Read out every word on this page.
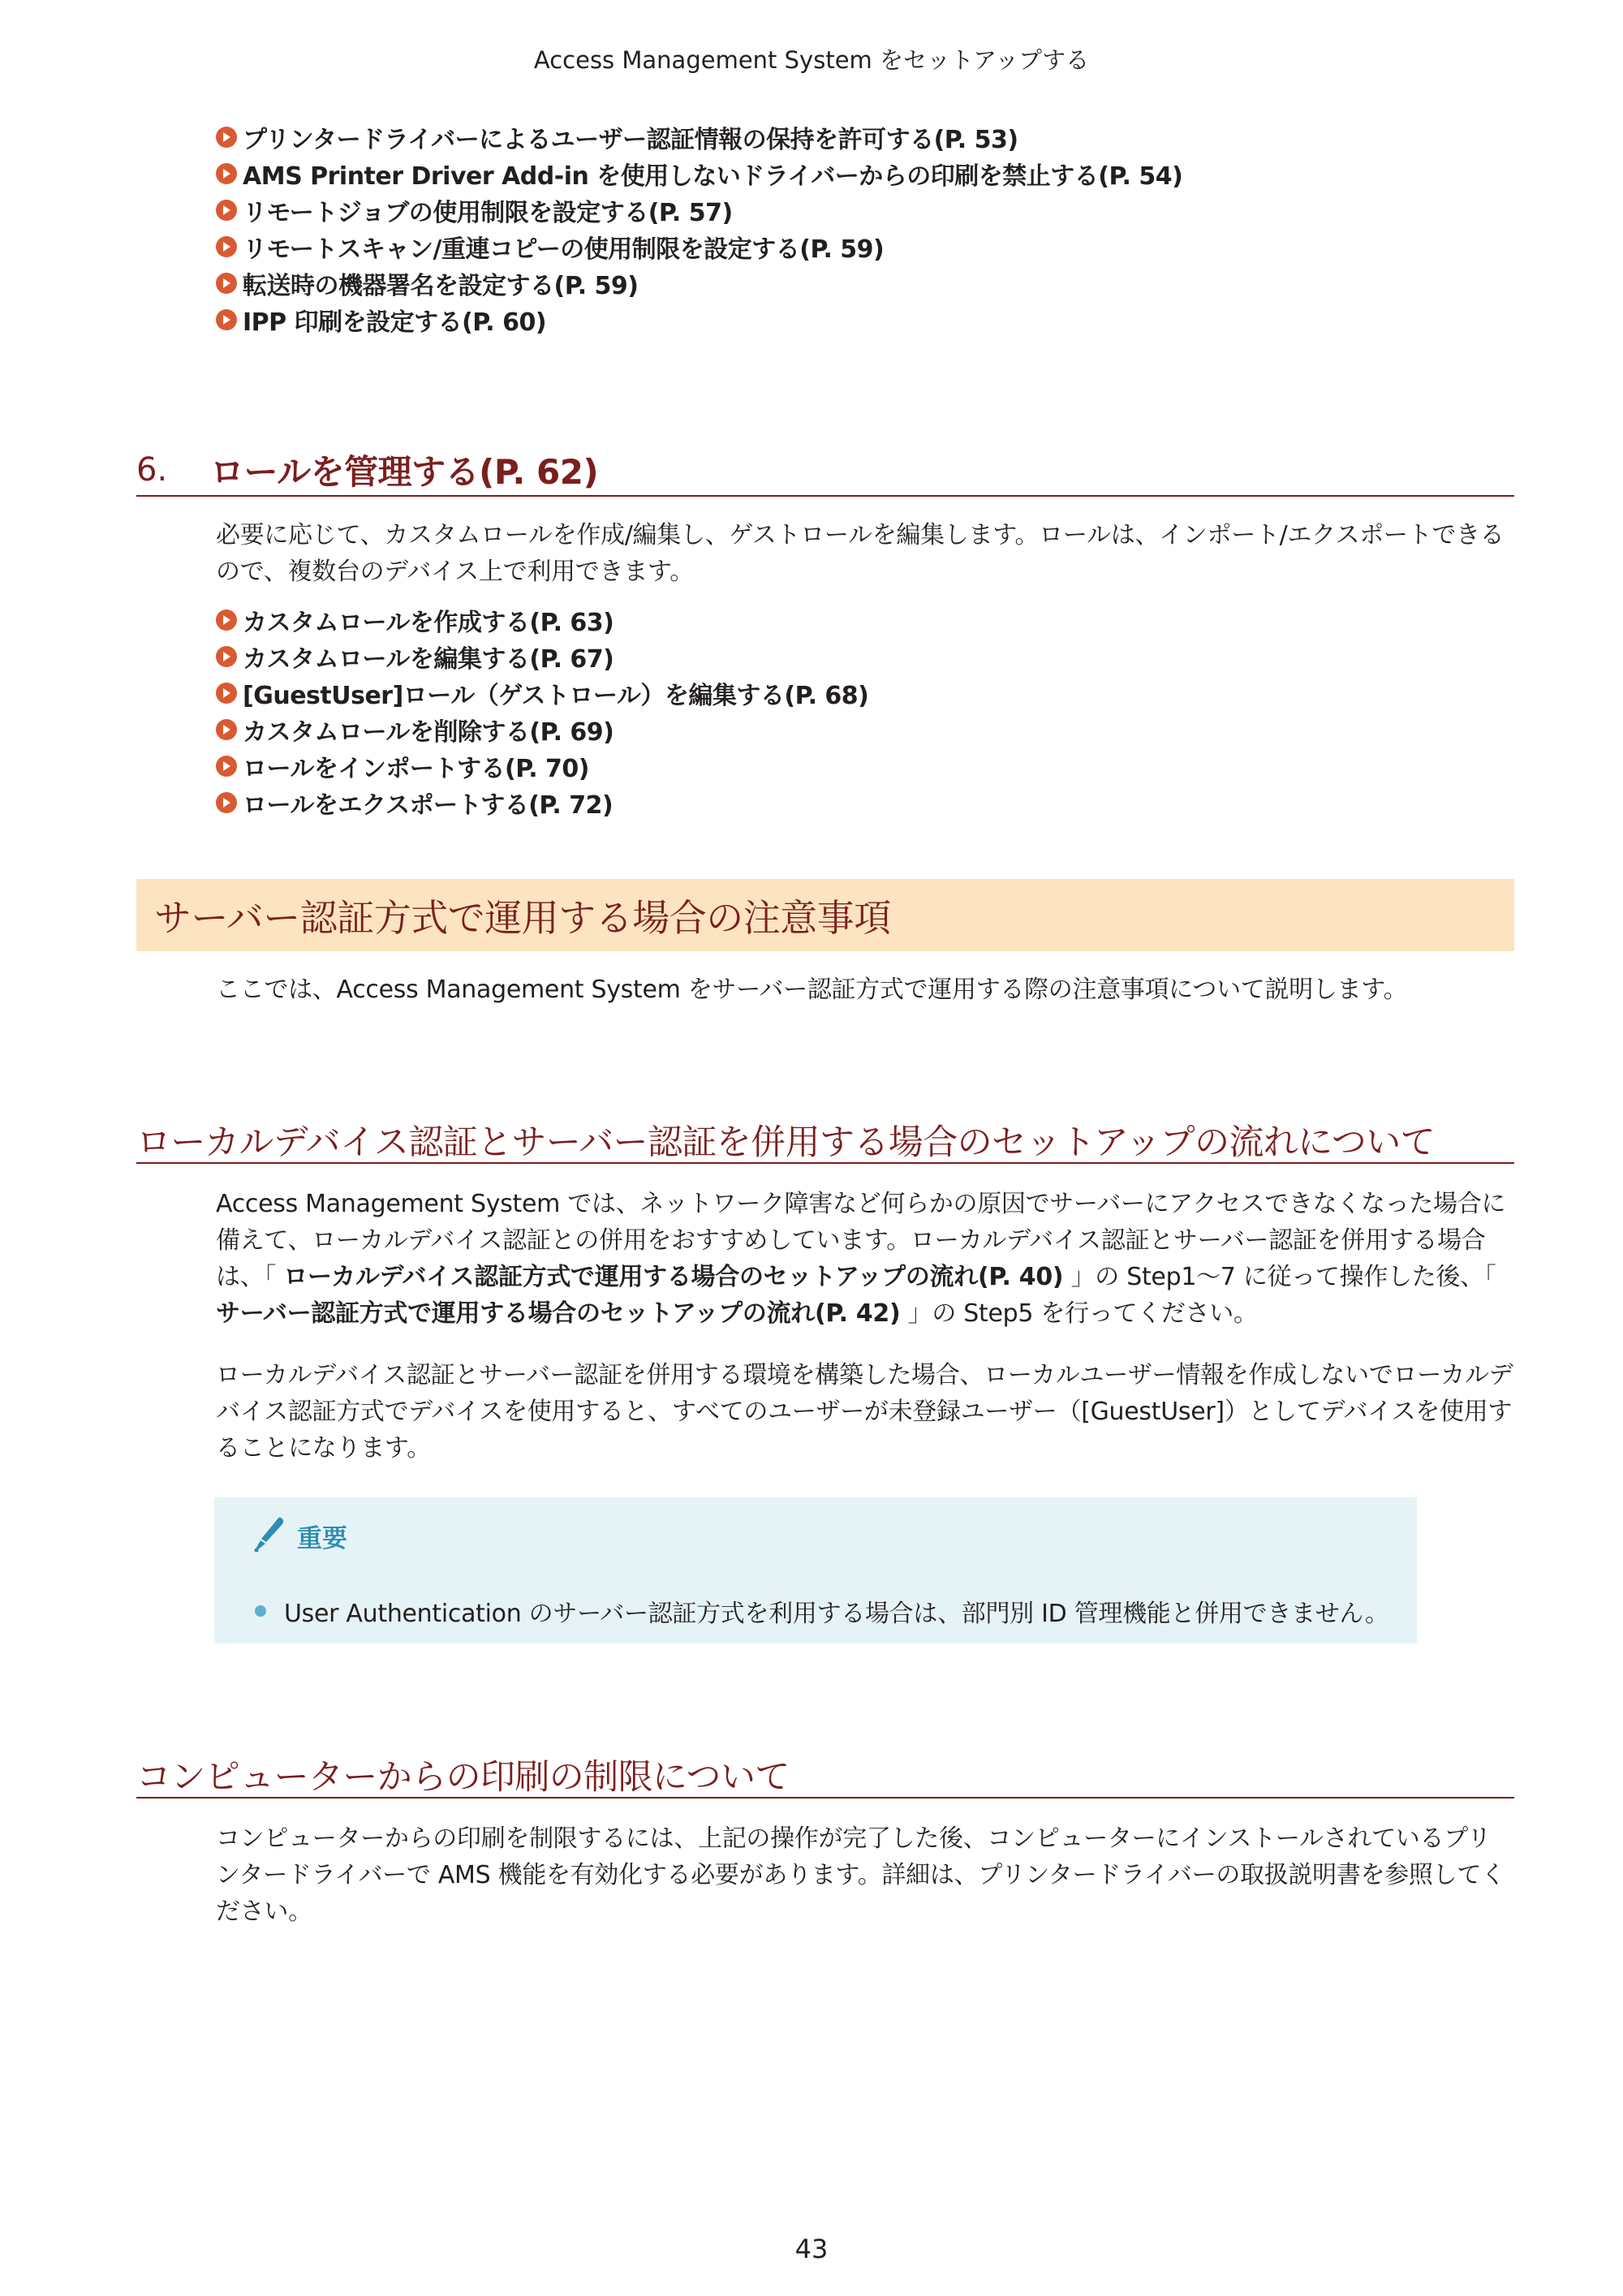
Access Management System をセットアップする
プリンタードライバーによるユーザー認証情報の保持を許可する(P. 53)
AMS Printer Driver Add-in を使用しないドライバーからの印刷を禁止する(P. 54)
リモートジョブの使用制限を設定する(P. 57)
リモートスキャン/重連コピーの使用制限を設定する(P. 59)
転送時の機器署名を設定する(P. 59)
IPP 印刷を設定する(P. 60)
6.	ロールを管理する(P. 62)

必要に応じて、カスタムロールを作成/編集し、ゲストロールを編集します。ロールは、インポート/エクスポートできるので、複数台のデバイス上で利用できます。

カスタムロールを作成する(P. 63)
カスタムロールを編集する(P. 67)
[GuestUser]ロール（ゲストロール）を編集する(P. 68)
カスタムロールを削除する(P. 69)
ロールをインポートする(P. 70)
ロールをエクスポートする(P. 72)
サーバー認証方式で運用する場合の注意事項

ここでは、Access Management System をサーバー認証方式で運用する際の注意事項について説明します。

ローカルデバイス認証とサーバー認証を併用する場合のセットアップの流れについて

Access Management System では、ネットワーク障害など何らかの原因でサーバーにアクセスできなくなった場合に備えて、ローカルデバイス認証との併用をおすすめしています。ローカルデバイス認証とサーバー認証を併用する場合は、「 ローカルデバイス認証方式で運用する場合のセットアップの流れ(P. 40) 」の Step1～7 に従って操作した後、「 サーバー認証方式で運用する場合のセットアップの流れ(P. 42) 」の Step5 を行ってください。

ローカルデバイス認証とサーバー認証を併用する環境を構築した場合、ローカルユーザー情報を作成しないでローカルデバイス認証方式でデバイスを使用すると、すべてのユーザーが未登録ユーザー（[GuestUser]）としてデバイスを使用することになります。

重要
User Authentication のサーバー認証方式を利用する場合は、部門別 ID 管理機能と併用できません。
コンピューターからの印刷の制限について

コンピューターからの印刷を制限するには、上記の操作が完了した後、コンピューターにインストールされているプリンタードライバーで AMS 機能を有効化する必要があります。詳細は、プリンタードライバーの取扱説明書を参照してください。

43
